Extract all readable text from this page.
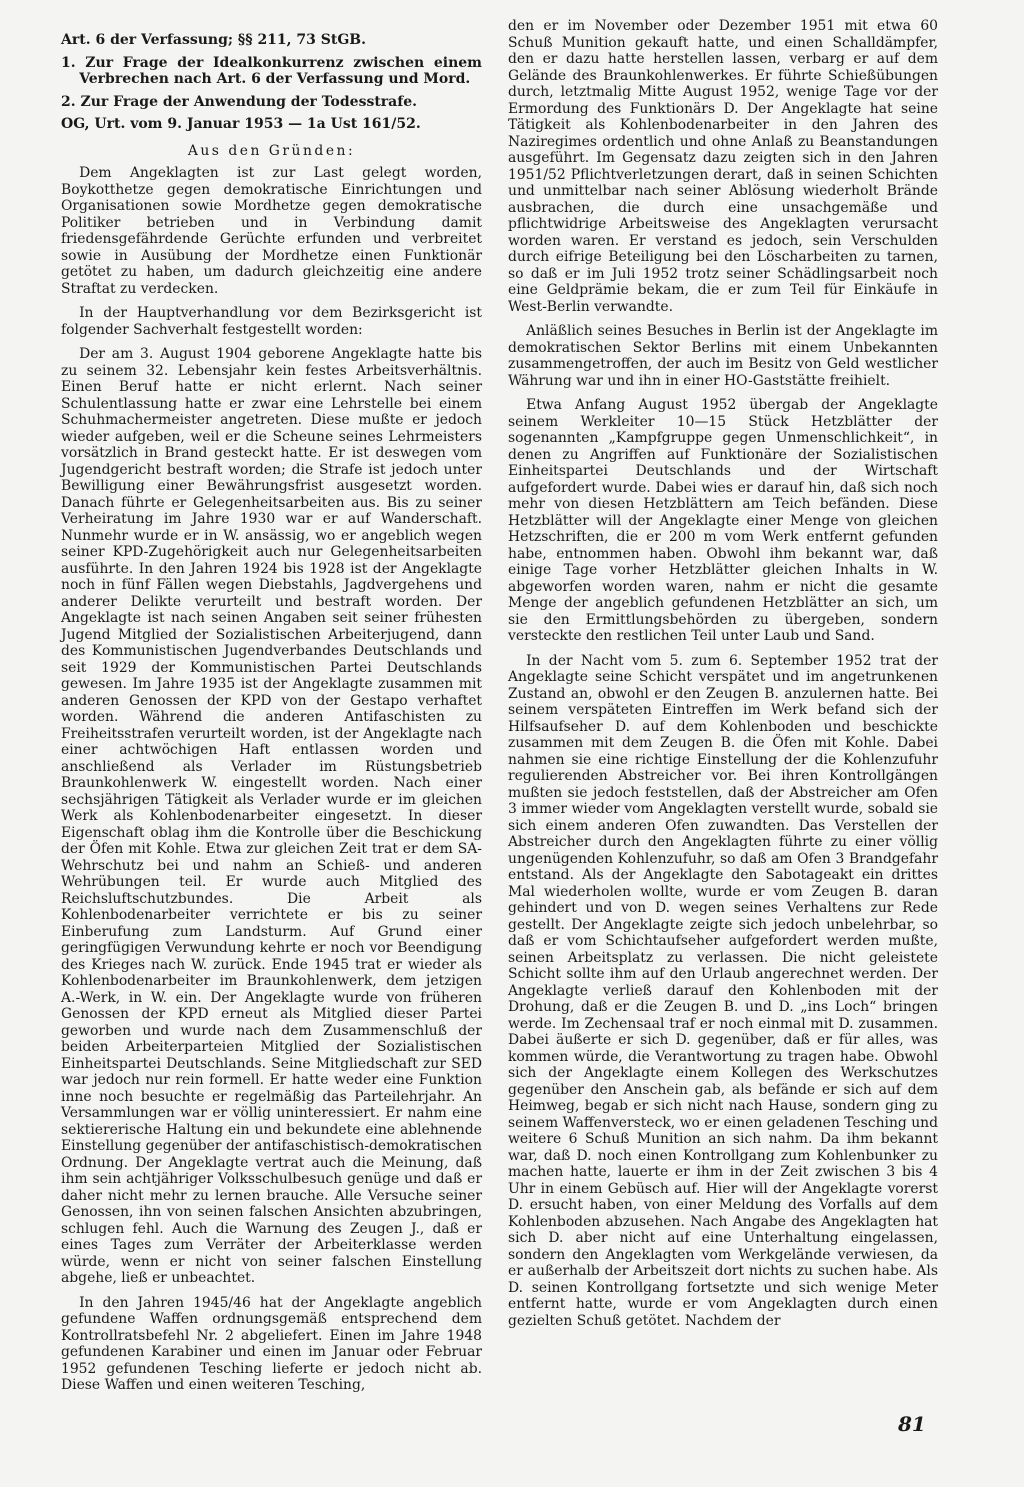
Art. 6 der Verfassung; §§ 211, 73 StGB.
1. Zur Frage der Idealkonkurrenz zwischen einem Verbrechen nach Art. 6 der Verfassung und Mord.
2. Zur Frage der Anwendung der Todesstrafe.
OG, Urt. vom 9. Januar 1953 — 1a Ust 161/52.
Aus den Gründen:

Dem Angeklagten ist zur Last gelegt worden, Boykotthetze gegen demokratische Einrichtungen und Organisationen sowie Mordhetze gegen demokratische Politiker betrieben und in Verbindung damit friedensgefährdende Gerüchte erfunden und verbreitet sowie in Ausübung der Mordhetze einen Funktionär getötet zu haben, um dadurch gleichzeitig eine andere Straftat zu verdecken.

In der Hauptverhandlung vor dem Bezirksgericht ist folgender Sachverhalt festgestellt worden:

Der am 3. August 1904 geborene Angeklagte hatte bis zu seinem 32. Lebensjahr kein festes Arbeitsverhältnis. Einen Beruf hatte er nicht erlernt. Nach seiner Schulentlassung hatte er zwar eine Lehrstelle bei einem Schuhmachermeister angetreten. Diese mußte er jedoch wieder aufgeben, weil er die Scheune seines Lehrmeisters vorsätzlich in Brand gesteckt hatte. Er ist deswegen vom Jugendgericht bestraft worden; die Strafe ist jedoch unter Bewilligung einer Bewährungsfrist ausgesetzt worden. Danach führte er Gelegenheitsarbeiten aus. Bis zu seiner Verheiratung im Jahre 1930 war er auf Wanderschaft. Nunmehr wurde er in W. ansässig, wo er angeblich wegen seiner KPD-Zugehörigkeit auch nur Gelegenheitsarbeiten ausführte. In den Jahren 1924 bis 1928 ist der Angeklagte noch in fünf Fällen wegen Diebstahls, Jagdvergehens und anderer Delikte verurteilt und bestraft worden. Der Angeklagte ist nach seinen Angaben seit seiner frühesten Jugend Mitglied der Sozialistischen Arbeiterjugend, dann des Kommunistischen Jugendverbandes Deutschlands und seit 1929 der Kommunistischen Partei Deutschlands gewesen. Im Jahre 1935 ist der Angeklagte zusammen mit anderen Genossen der KPD von der Gestapo verhaftet worden. Während die anderen Antifaschisten zu Freiheitsstrafen verurteilt worden, ist der Angeklagte nach einer achtwöchigen Haft entlassen worden und anschließend als Verlader im Rüstungsbetrieb Braunkohlenwerk W. eingestellt worden. Nach einer sechsjährigen Tätigkeit als Verlader wurde er im gleichen Werk als Kohlenbodenarbeiter eingesetzt. In dieser Eigenschaft oblag ihm die Kontrolle über die Beschickung der Öfen mit Kohle. Etwa zur gleichen Zeit trat er dem SA-Wehrschutz bei und nahm an Schieß- und anderen Wehrübungen teil. Er wurde auch Mitglied des Reichsluftschutzbundes. Die Arbeit als Kohlenbodenarbeiter verrichtete er bis zu seiner Einberufung zum Landsturm. Auf Grund einer geringfügigen Verwundung kehrte er noch vor Beendigung des Krieges nach W. zurück. Ende 1945 trat er wieder als Kohlenbodenarbeiter im Braunkohlenwerk, dem jetzigen A.-Werk, in W. ein. Der Angeklagte wurde von früheren Genossen der KPD erneut als Mitglied dieser Partei geworben und wurde nach dem Zusammenschluß der beiden Arbeiterparteien Mitglied der Sozialistischen Einheitspartei Deutschlands. Seine Mitgliedschaft zur SED war jedoch nur rein formell. Er hatte weder eine Funktion inne noch besuchte er regelmäßig das Parteilehrjahr. An Versammlungen war er völlig uninteressiert. Er nahm eine sektiererische Haltung ein und bekundete eine ablehnende Einstellung gegenüber der antifaschistisch-demokratischen Ordnung. Der Angeklagte vertrat auch die Meinung, daß ihm sein achtjähriger Volksschulbesuch genüge und daß er daher nicht mehr zu lernen brauche. Alle Versuche seiner Genossen, ihn von seinen falschen Ansichten abzubringen, schlugen fehl. Auch die Warnung des Zeugen J., daß er eines Tages zum Verräter der Arbeiterklasse werden würde, wenn er nicht von seiner falschen Einstellung abgehe, ließ er unbeachtet.

In den Jahren 1945/46 hat der Angeklagte angeblich gefundene Waffen ordnungsgemäß entsprechend dem Kontrollratsbefehl Nr. 2 abgeliefert. Einen im Jahre 1948 gefundenen Karabiner und einen im Januar oder Februar 1952 gefundenen Tesching lieferte er jedoch nicht ab. Diese Waffen und einen weiteren Tesching,

den er im November oder Dezember 1951 mit etwa 60 Schuß Munition gekauft hatte, und einen Schalldämpfer, den er dazu hatte herstellen lassen, verbarg er auf dem Gelände des Braunkohlenwerkes. Er führte Schießübungen durch, letztmalig Mitte August 1952, wenige Tage vor der Ermordung des Funktionärs D. Der Angeklagte hat seine Tätigkeit als Kohlenbodenarbeiter in den Jahren des Naziregimes ordentlich und ohne Anlaß zu Beanstandungen ausgeführt. Im Gegensatz dazu zeigten sich in den Jahren 1951/52 Pflichtverletzungen derart, daß in seinen Schichten und unmittelbar nach seiner Ablösung wiederholt Brände ausbrachen, die durch eine unsachgemäße und pflichtwidrige Arbeitsweise des Angeklagten verursacht worden waren. Er verstand es jedoch, sein Verschulden durch eifrige Beteiligung bei den Löscharbeiten zu tarnen, so daß er im Juli 1952 trotz seiner Schädlingsarbeit noch eine Geldprämie bekam, die er zum Teil für Einkäufe in West-Berlin verwandte.

Anläßlich seines Besuches in Berlin ist der Angeklagte im demokratischen Sektor Berlins mit einem Unbekannten zusammengetroffen, der auch im Besitz von Geld westlicher Währung war und ihn in einer HO-Gaststätte freihielt.

Etwa Anfang August 1952 übergab der Angeklagte seinem Werkleiter 10—15 Stück Hetzblätter der sogenannten „Kampfgruppe gegen Unmenschlichkeit“, in denen zu Angriffen auf Funktionäre der Sozialistischen Einheitspartei Deutschlands und der Wirtschaft aufgefordert wurde. Dabei wies er darauf hin, daß sich noch mehr von diesen Hetzblättern am Teich befänden. Diese Hetzblätter will der Angeklagte einer Menge von gleichen Hetzschriften, die er 200 m vom Werk entfernt gefunden habe, entnommen haben. Obwohl ihm bekannt war, daß einige Tage vorher Hetzblätter gleichen Inhalts in W. abgeworfen worden waren, nahm er nicht die gesamte Menge der angeblich gefundenen Hetzblätter an sich, um sie den Ermittlungsbehörden zu übergeben, sondern versteckte den restlichen Teil unter Laub und Sand.

In der Nacht vom 5. zum 6. September 1952 trat der Angeklagte seine Schicht verspätet und im angetrunkenen Zustand an, obwohl er den Zeugen B. anzulernen hatte. Bei seinem verspäteten Eintreffen im Werk befand sich der Hilfsaufseher D. auf dem Kohlenboden und beschickte zusammen mit dem Zeugen B. die Öfen mit Kohle. Dabei nahmen sie eine richtige Einstellung der die Kohlenzufuhr regulierenden Abstreicher vor. Bei ihren Kontrollgängen mußten sie jedoch feststellen, daß der Abstreicher am Ofen 3 immer wieder vom Angeklagten verstellt wurde, sobald sie sich einem anderen Ofen zuwandten. Das Verstellen der Abstreicher durch den Angeklagten führte zu einer völlig ungenügenden Kohlenzufuhr, so daß am Ofen 3 Brandgefahr entstand. Als der Angeklagte den Sabotageakt ein drittes Mal wiederholen wollte, wurde er vom Zeugen B. daran gehindert und von D. wegen seines Verhaltens zur Rede gestellt. Der Angeklagte zeigte sich jedoch unbelehrbar, so daß er vom Schichtaufseher aufgefordert werden mußte, seinen Arbeitsplatz zu verlassen. Die nicht geleistete Schicht sollte ihm auf den Urlaub angerechnet werden. Der Angeklagte verließ darauf den Kohlenboden mit der Drohung, daß er die Zeugen B. und D. „ins Loch“ bringen werde. Im Zechensaal traf er noch einmal mit D. zusammen. Dabei äußerte er sich D. gegenüber, daß er für alles, was kommen würde, die Verantwortung zu tragen habe. Obwohl sich der Angeklagte einem Kollegen des Werkschutzes gegenüber den Anschein gab, als befände er sich auf dem Heimweg, begab er sich nicht nach Hause, sondern ging zu seinem Waffenversteck, wo er einen geladenen Tesching und weitere 6 Schuß Munition an sich nahm. Da ihm bekannt war, daß D. noch einen Kontrollgang zum Kohlenbunker zu machen hatte, lauerte er ihm in der Zeit zwischen 3 bis 4 Uhr in einem Gebüsch auf. Hier will der Angeklagte vorerst D. ersucht haben, von einer Meldung des Vorfalls auf dem Kohlenboden abzusehen. Nach Angabe des Angeklagten hat sich D. aber nicht auf eine Unterhaltung eingelassen, sondern den Angeklagten vom Werkgelände verwiesen, da er außerhalb der Arbeitszeit dort nichts zu suchen habe. Als D. seinen Kontrollgang fortsetzte und sich wenige Meter entfernt hatte, wurde er vom Angeklagten durch einen gezielten Schuß getötet. Nachdem der

81
